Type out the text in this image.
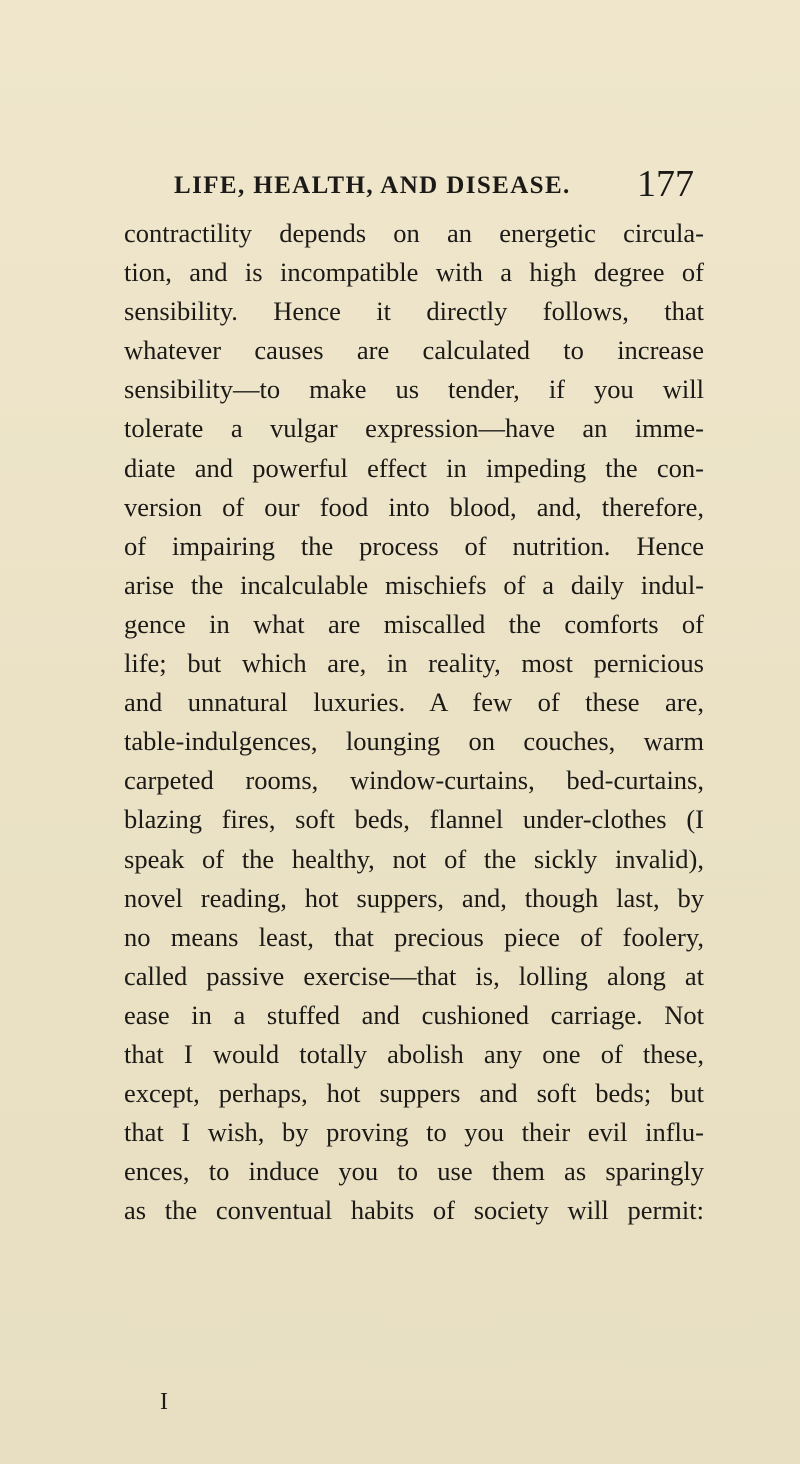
LIFE, HEALTH, AND DISEASE. 177
contractility depends on an energetic circula-
tion, and is incompatible with a high degree of
sensibility. Hence it directly follows, that
whatever causes are calculated to increase
sensibility—to make us tender, if you will
tolerate a vulgar expression—have an imme-
diate and powerful effect in impeding the con-
version of our food into blood, and, therefore,
of impairing the process of nutrition. Hence
arise the incalculable mischiefs of a daily indul-
gence in what are miscalled the comforts of
life; but which are, in reality, most pernicious
and unnatural luxuries. A few of these are,
table-indulgences, lounging on couches, warm
carpeted rooms, window-curtains, bed-curtains,
blazing fires, soft beds, flannel under-clothes (I
speak of the healthy, not of the sickly invalid),
novel reading, hot suppers, and, though last, by
no means least, that precious piece of foolery,
called passive exercise—that is, lolling along at
ease in a stuffed and cushioned carriage. Not
that I would totally abolish any one of these,
except, perhaps, hot suppers and soft beds; but
that I wish, by proving to you their evil influ-
ences, to induce you to use them as sparingly
as the conventual habits of society will permit:
I
